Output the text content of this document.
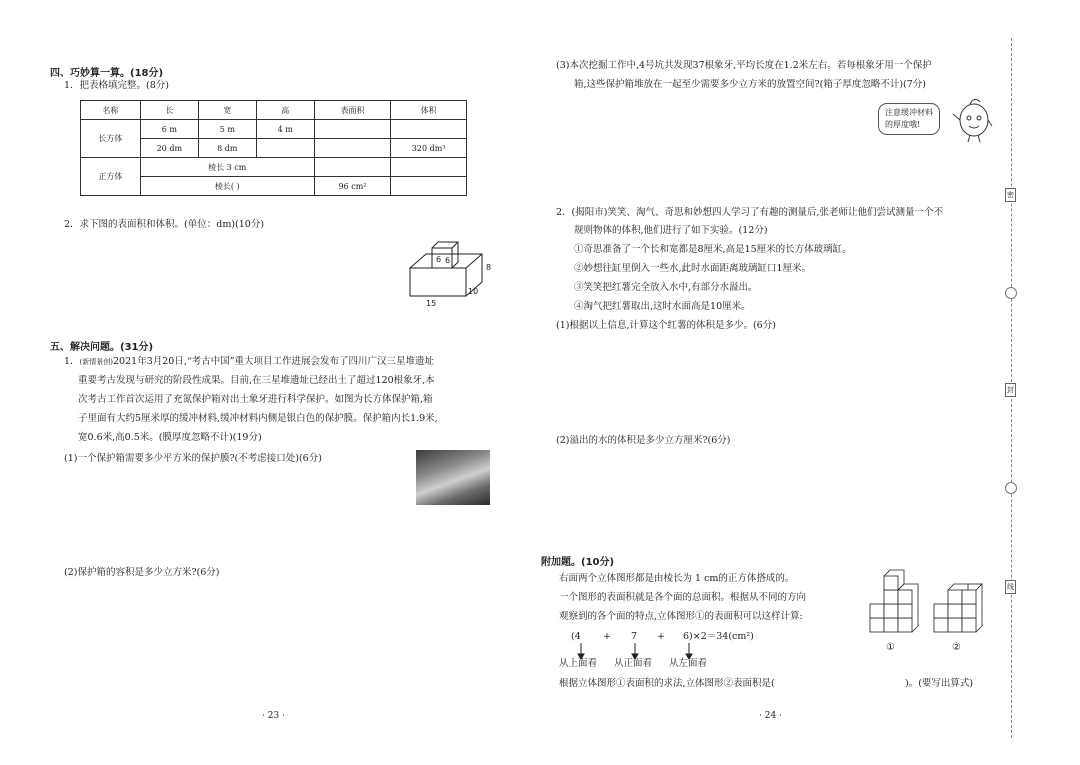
四、巧妙算一算。(18分)
1．把表格填完整。(8分)
名称	长	宽	高	表面积	体积
长方体	6 m	5 m	4 m		
	20 dm	8 dm			320 dm³
正方体	棱长 3 cm				
	棱长( )			96 cm²	
2．求下图的表面积和体积。(单位：dm)(10分)
6 6
8
10
15
五、解决问题。(31分)
1．(新情景创)2021年3月20日,“考古中国”重大项目工作进展会发布了四川广汉三星堆遗址
重要考古发现与研究的阶段性成果。目前,在三星堆遗址已经出土了超过120根象牙,本
次考古工作首次运用了充氮保护箱对出土象牙进行科学保护。如图为长方体保护箱,箱
子里面有大约5厘米厚的缓冲材料,缓冲材料内侧是银白色的保护膜。保护箱内长1.9米,
宽0.6米,高0.5米。(膜厚度忽略不计)(19分)
(1)一个保护箱需要多少平方米的保护膜?(不考虑接口处)(6分)
(2)保护箱的容积是多少立方米?(6分)
· 23 ·
(3)本次挖掘工作中,4号坑共发现37根象牙,平均长度在1.2米左右。若每根象牙用一个保护
箱,这些保护箱堆放在一起至少需要多少立方米的放置空间?(箱子厚度忽略不计)(7分)
注意缓冲材料
的厚度哦!
2．(揭阳市)笑笑、淘气、奇思和妙想四人学习了有趣的测量后,张老师让他们尝试测量一个不
规则物体的体积,他们进行了如下实验。(12分)
①奇思准备了一个长和宽都是8厘米,高是15厘米的长方体玻璃缸。
②妙想往缸里倒入一些水,此时水面距离玻璃缸口1厘米。
③笑笑把红薯完全放入水中,有部分水溢出。
④淘气把红薯取出,这时水面高是10厘米。
(1)根据以上信息,计算这个红薯的体积是多少。(6分)
(2)溢出的水的体积是多少立方厘米?(6分)
附加题。(10分)
右面两个立体图形都是由棱长为 1 cm的正方体搭成的。
一个图形的表面积就是各个面的总面积。根据从不同的方向
观察到的各个面的特点,立体图形①的表面积可以这样计算:
(4 + 7 + 6)×2＝34(cm²)
从上面看 从正面看 从左面看
根据立体图形①表面积的求法,立体图形②表面积是(	)。(要写出算式)
①	②
· 24 ·
密
封
线
